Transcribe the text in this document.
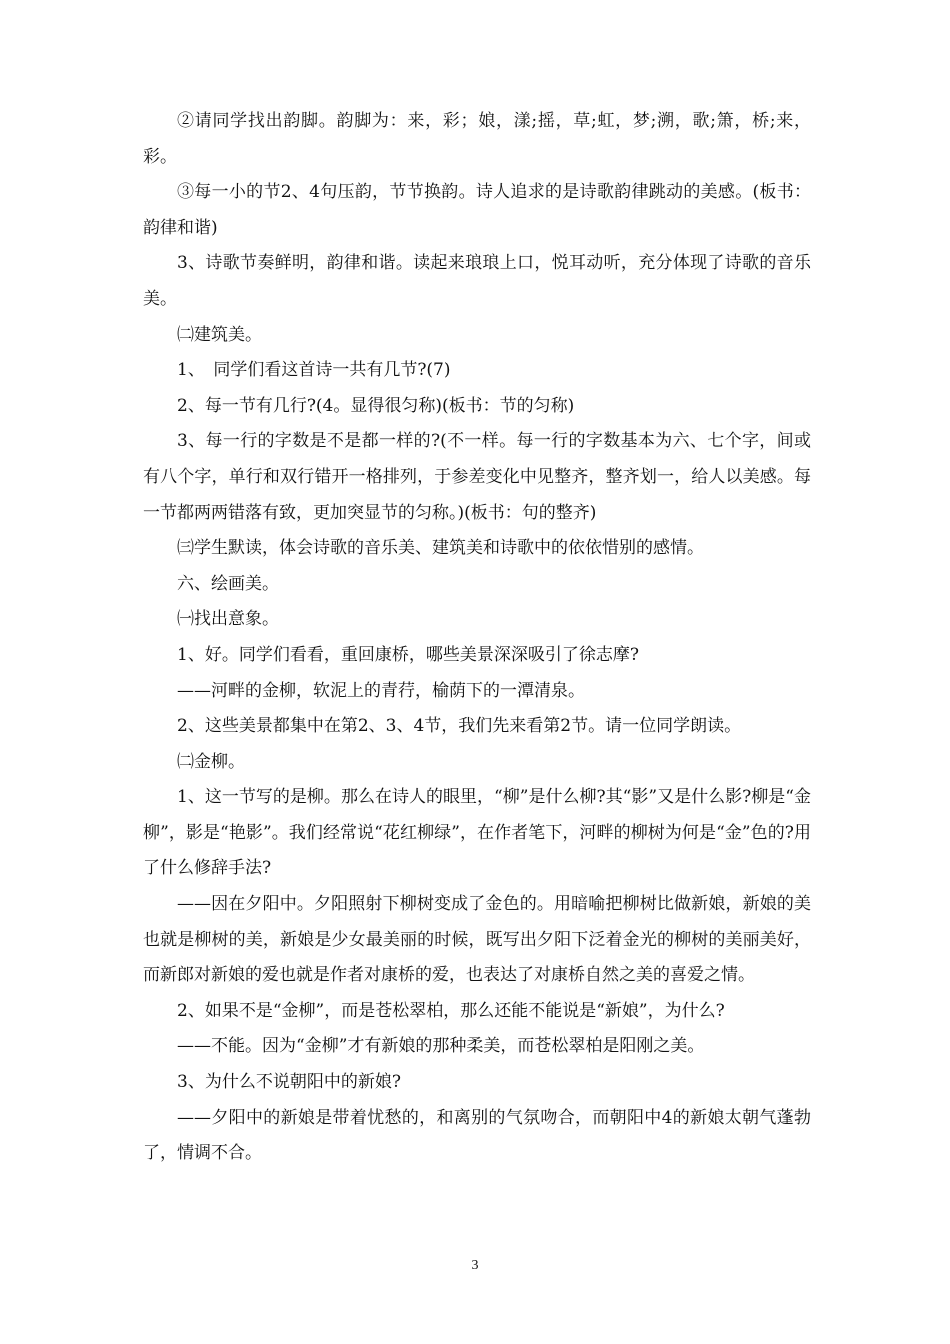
②请同学找出韵脚。韵脚为：来，彩；娘，漾;摇，草;虹，梦;溯，歌;箫，桥;来，彩。

③每一小的节2、4句压韵，节节换韵。诗人追求的是诗歌韵律跳动的美感。(板书：韵律和谐)

3、诗歌节奏鲜明，韵律和谐。读起来琅琅上口，悦耳动听，充分体现了诗歌的音乐美。

㈡建筑美。

1、　同学们看这首诗一共有几节?(7)

2、每一节有几行?(4。显得很匀称)(板书：节的匀称)

3、每一行的字数是不是都一样的?(不一样。每一行的字数基本为六、七个字，间或有八个字，单行和双行错开一格排列，于参差变化中见整齐，整齐划一，给人以美感。每一节都两两错落有致，更加突显节的匀称。)(板书：句的整齐)

㈢学生默读，体会诗歌的音乐美、建筑美和诗歌中的依依惜别的感情。

六、绘画美。

㈠找出意象。

1、好。同学们看看，重回康桥，哪些美景深深吸引了徐志摩?

——河畔的金柳，软泥上的青荇，榆荫下的一潭清泉。

2、这些美景都集中在第2、3、4节，我们先来看第2节。请一位同学朗读。

㈡金柳。

1、这一节写的是柳。那么在诗人的眼里，“柳”是什么柳?其“影”又是什么影?柳是“金柳”，影是“艳影”。我们经常说“花红柳绿”，在作者笔下，河畔的柳树为何是“金”色的?用了什么修辞手法?

——因在夕阳中。夕阳照射下柳树变成了金色的。用暗喻把柳树比做新娘，新娘的美也就是柳树的美，新娘是少女最美丽的时候，既写出夕阳下泛着金光的柳树的美丽美好，而新郎对新娘的爱也就是作者对康桥的爱，也表达了对康桥自然之美的喜爱之情。

2、如果不是“金柳”，而是苍松翠柏，那么还能不能说是“新娘”，为什么?

——不能。因为“金柳”才有新娘的那种柔美，而苍松翠柏是阳刚之美。

3、为什么不说朝阳中的新娘?

——夕阳中的新娘是带着忧愁的，和离别的气氛吻合，而朝阳中4的新娘太朝气蓬勃了，情调不合。

3
